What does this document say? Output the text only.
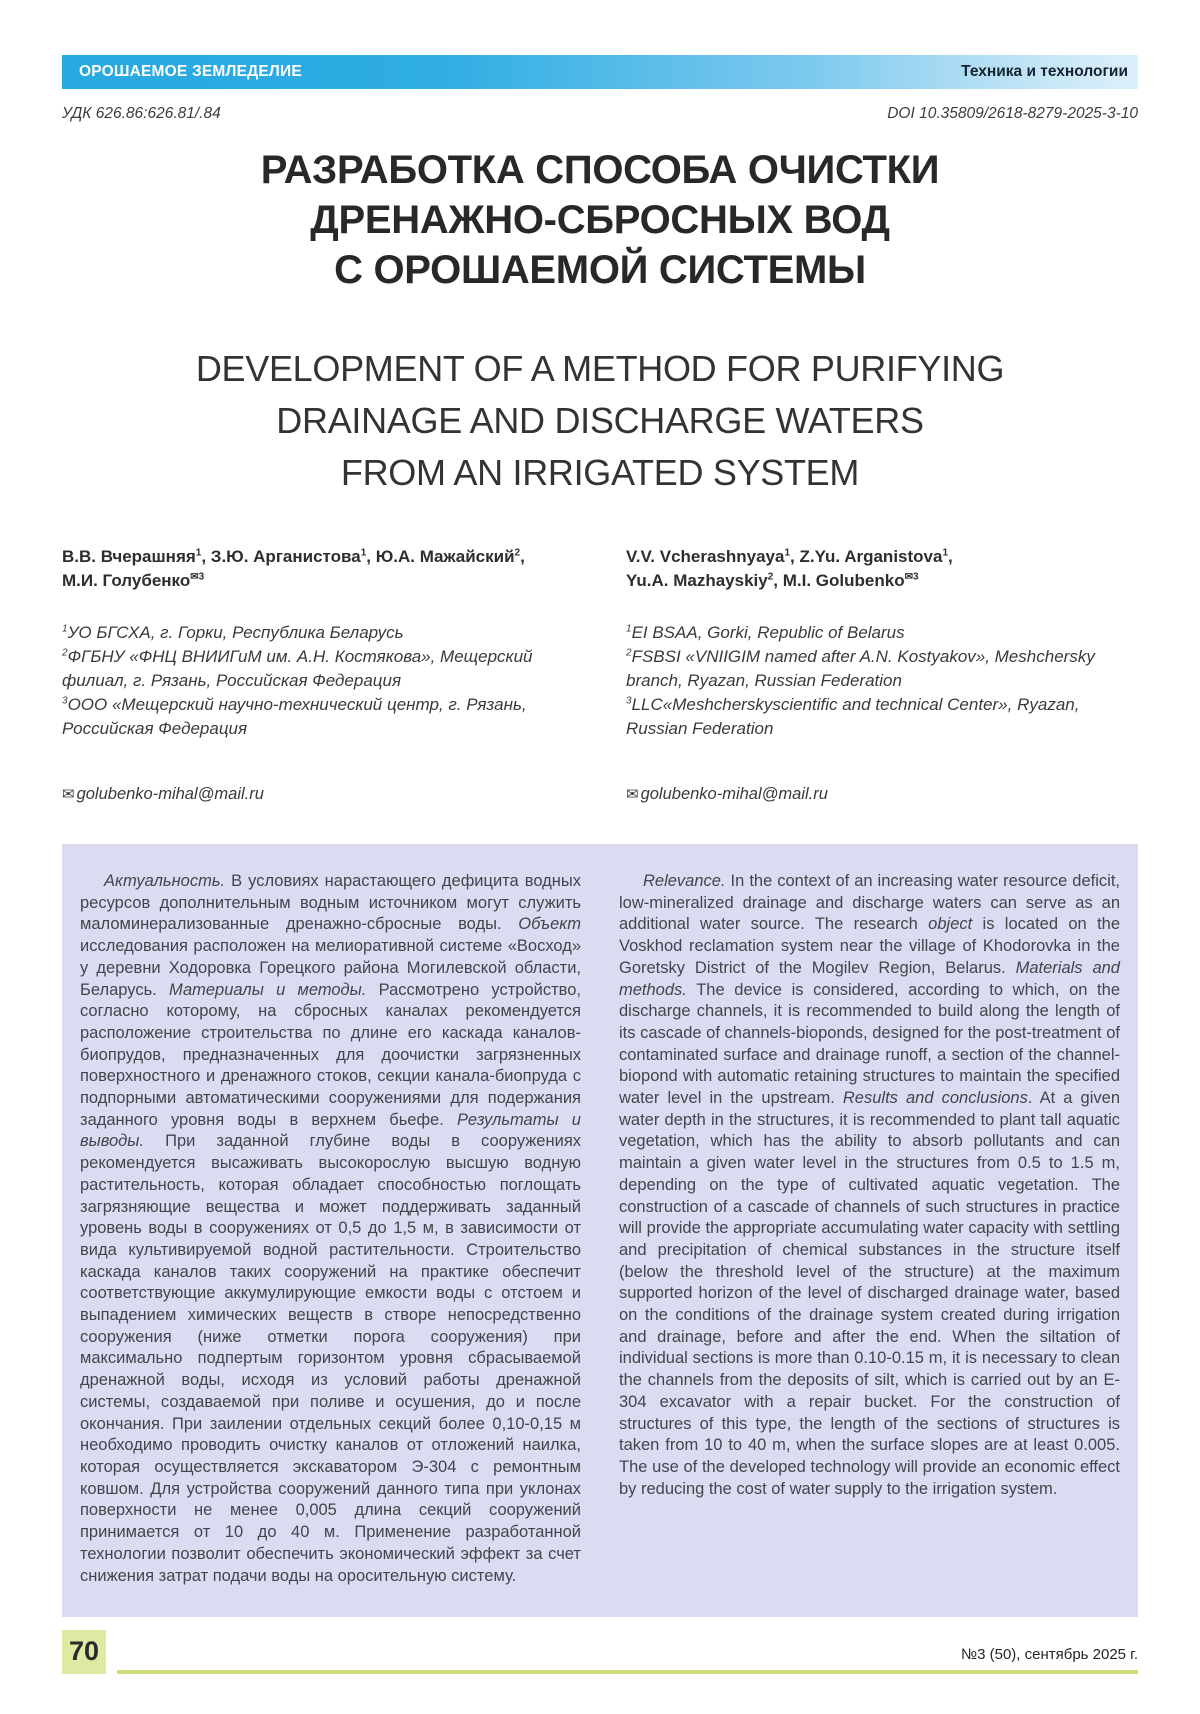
ОРОШАЕМОЕ ЗЕМЛЕДЕЛИЕ	Техника и технологии
УДК 626.86:626.81/.84	DOI 10.35809/2618-8279-2025-3-10
РАЗРАБОТКА СПОСОБА ОЧИСТКИ
ДРЕНАЖНО-СБРОСНЫХ ВОД
С ОРОШАЕМОЙ СИСТЕМЫ
DEVELOPMENT OF A METHOD FOR PURIFYING
DRAINAGE AND DISCHARGE WATERS
FROM AN IRRIGATED SYSTEM

В.В. Вчерашняя$^1$, З.Ю. Арганистова$^1$, Ю.А. Мажайский$^2$,
М.И. Голубенко$^{✉3}$

V.V. Vcherashnyaya$^1$, Z.Yu. Arganistova$^1$,
Yu.A. Mazhayskiy$^2$, M.I. Golubenko$^{✉3}$

$^1$УО БГСХА, г. Горки, Республика Беларусь

$^2$ФГБНУ «ФНЦ ВНИИГиМ им. А.Н. Костякова», Мещерский филиал, г. Рязань, Российская Федерация

$^3$ООО «Мещерский научно-технический центр, г. Рязань, Российская Федерация

$^1$EI BSAA, Gorki, Republic of Belarus

$^2$FSBSI «VNIIGIM named after A.N. Kostyakov», Meshchersky branch, Ryazan, Russian Federation

$^3$LLC«Meshcherskyscientific and technical Center», Ryazan, Russian Federation

✉ golubenko-mihal@mail.ru	✉ golubenko-mihal@mail.ru

Актуальность. В условиях нарастающего дефицита водных ресурсов дополнительным водным источником могут служить маломинерализованные дренажно-сбросные воды. Объект исследования расположен на мелиоративной системе «Восход» у деревни Ходоровка Горецкого района Могилевской области, Беларусь. Материалы и методы. Рассмотрено устройство, согласно которому, на сбросных каналах рекомендуется расположение строительства по длине его каскада каналов-биопрудов, предназначенных для доочистки загрязненных поверхностного и дренажного стоков, секции канала-биопруда с подпорными автоматическими сооружениями для подержания заданного уровня воды в верхнем бьефе. Результаты и выводы. При заданной глубине воды в сооружениях рекомендуется высаживать высокорослую высшую водную растительность, которая обладает способностью поглощать загрязняющие вещества и может поддерживать заданный уровень воды в сооружениях от 0,5 до 1,5 м, в зависимости от вида культивируемой водной растительности. Строительство каскада каналов таких сооружений на практике обеспечит соответствующие аккумулирующие емкости воды с отстоем и выпадением химических веществ в створе непосредственно сооружения (ниже отметки порога сооружения) при максимально подпертым горизонтом уровня сбрасываемой дренажной воды, исходя из условий работы дренажной системы, создаваемой при поливе и осушения, до и после окончания. При заилении отдельных секций более 0,10-0,15 м необходимо проводить очистку каналов от отложений наилка, которая осуществляется экскаватором Э-304 с ремонтным ковшом. Для устройства сооружений данного типа при уклонах поверхности не менее 0,005 длина секций сооружений принимается от 10 до 40 м. Применение разработанной технологии позволит обеспечить экономический эффект за счет снижения затрат подачи воды на оросительную систему.

Relevance. In the context of an increasing water resource deficit, low-mineralized drainage and discharge waters can serve as an additional water source. The research object is located on the Voskhod reclamation system near the village of Khodorovka in the Goretsky District of the Mogilev Region, Belarus. Materials and methods. The device is considered, according to which, on the discharge channels, it is recommended to build along the length of its cascade of channels-bioponds, designed for the post-treatment of contaminated surface and drainage runoff, a section of the channel-biopond with automatic retaining structures to maintain the specified water level in the upstream. Results and conclusions. At a given water depth in the structures, it is recommended to plant tall aquatic vegetation, which has the ability to absorb pollutants and can maintain a given water level in the structures from 0.5 to 1.5 m, depending on the type of cultivated aquatic vegetation. The construction of a cascade of channels of such structures in practice will provide the appropriate accumulating water capacity with settling and precipitation of chemical substances in the structure itself (below the threshold level of the structure) at the maximum supported horizon of the level of discharged drainage water, based on the conditions of the drainage system created during irrigation and drainage, before and after the end. When the siltation of individual sections is more than 0.10-0.15 m, it is necessary to clean the channels from the deposits of silt, which is carried out by an E-304 excavator with a repair bucket. For the construction of structures of this type, the length of the sections of structures is taken from 10 to 40 m, when the surface slopes are at least 0.005. The use of the developed technology will provide an economic effect by reducing the cost of water supply to the irrigation system.

70	№3 (50), сентябрь 2025 г.
